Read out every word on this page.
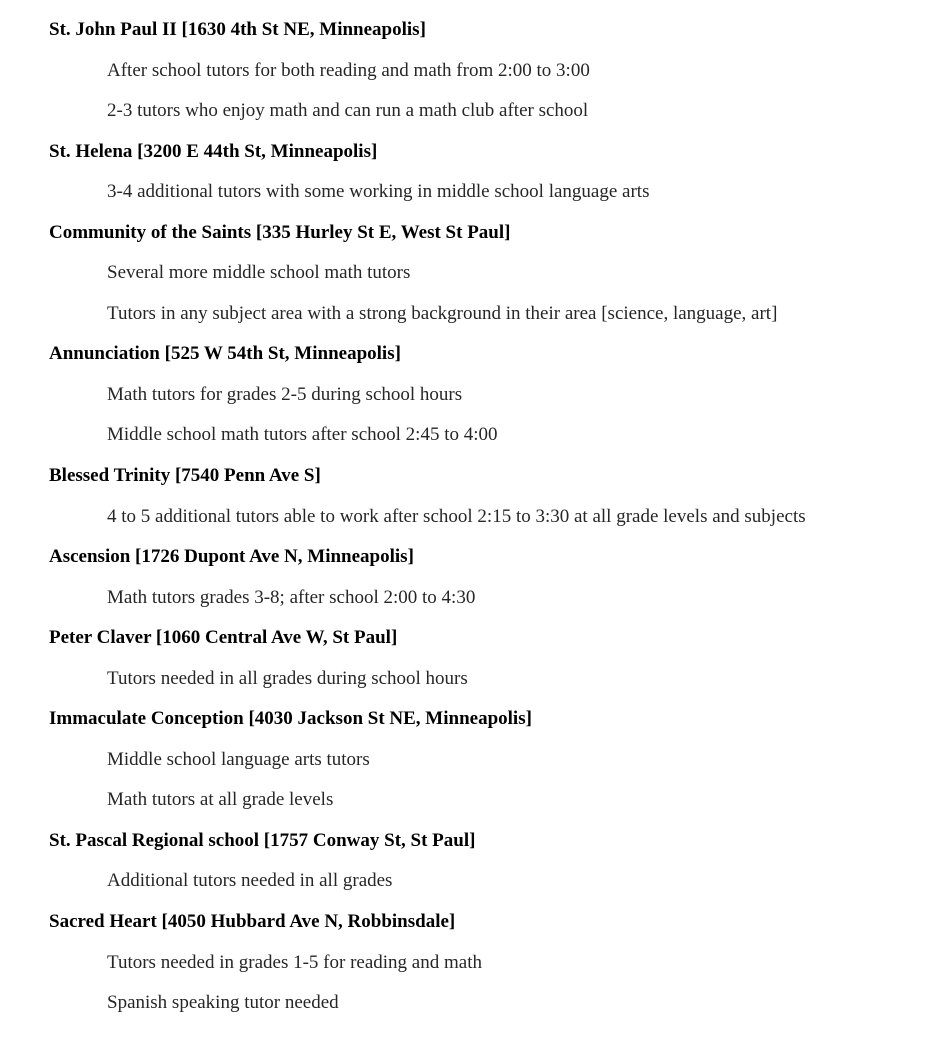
St. John Paul II [1630 4th St NE, Minneapolis]

After school tutors for both reading and math from 2:00 to 3:00

2-3 tutors who enjoy math and can run a math club after school

St. Helena [3200 E 44th St, Minneapolis]

3-4 additional tutors with some working in middle school language arts

Community of the Saints [335 Hurley St E, West St Paul]

Several more middle school math tutors

Tutors in any subject area with a strong background in their area [science, language, art]

Annunciation [525 W 54th St, Minneapolis]

Math tutors for grades 2-5 during school hours

Middle school math tutors after school 2:45 to 4:00

Blessed Trinity [7540 Penn Ave S]

4 to 5 additional tutors able to work after school 2:15 to 3:30 at all grade levels and subjects

Ascension [1726 Dupont Ave N, Minneapolis]

Math tutors grades 3-8; after school 2:00 to 4:30

Peter Claver [1060 Central Ave W, St Paul]

Tutors needed in all grades during school hours

Immaculate Conception [4030 Jackson St NE, Minneapolis]

Middle school language arts tutors

Math tutors at all grade levels

St. Pascal Regional school [1757 Conway St, St Paul]

Additional tutors needed in all grades

Sacred Heart [4050 Hubbard Ave N, Robbinsdale]

Tutors needed in grades 1-5 for reading and math

Spanish speaking tutor needed
